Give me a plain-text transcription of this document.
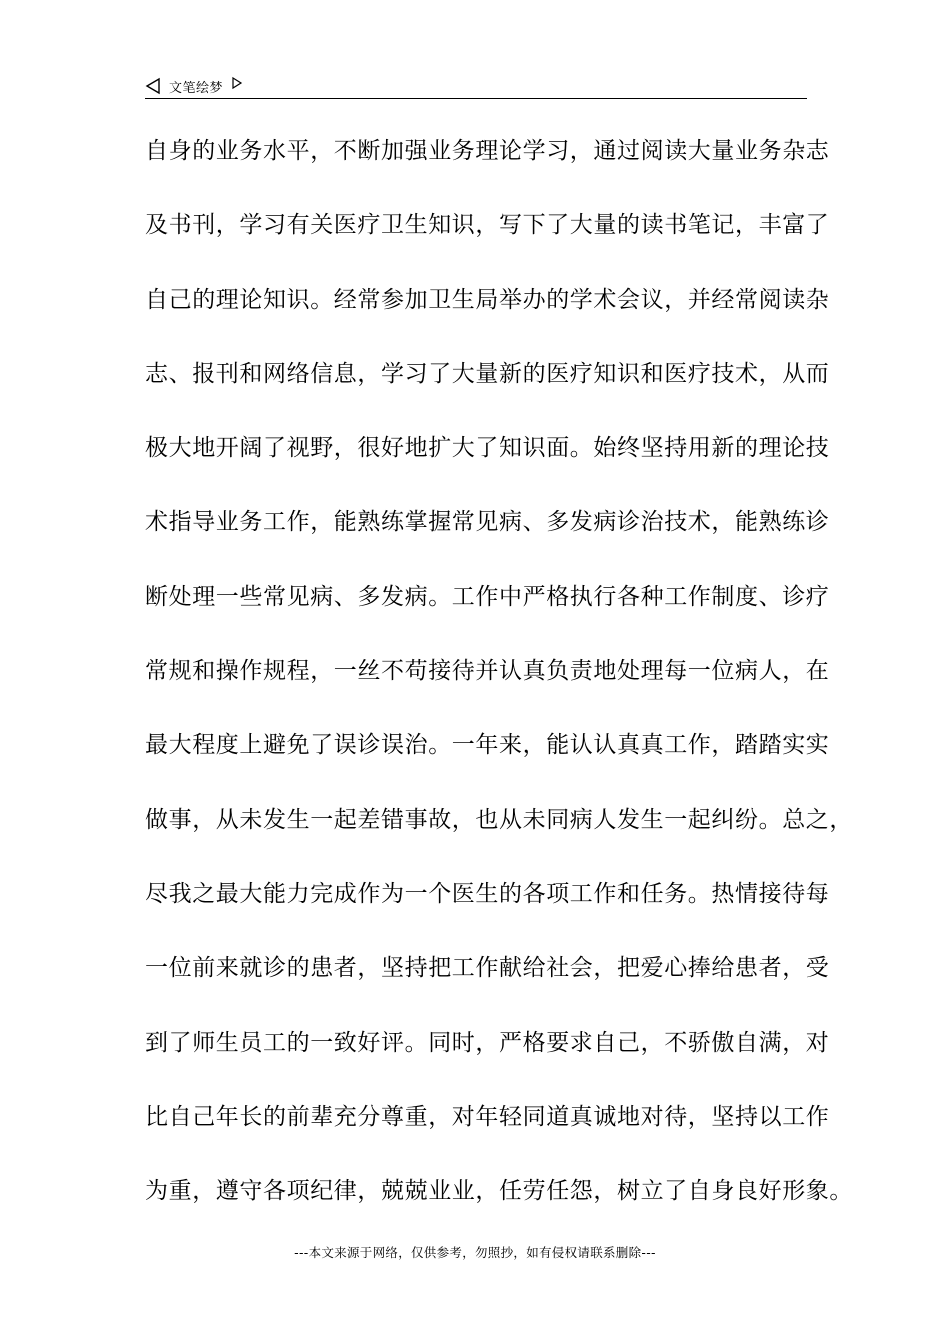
文笔绘梦
自身的业务水平，不断加强业务理论学习，通过阅读大量业务杂志
及书刊，学习有关医疗卫生知识，写下了大量的读书笔记，丰富了
自己的理论知识。经常参加卫生局举办的学术会议，并经常阅读杂
志、报刊和网络信息，学习了大量新的医疗知识和医疗技术，从而
极大地开阔了视野，很好地扩大了知识面。始终坚持用新的理论技
术指导业务工作，能熟练掌握常见病、多发病诊治技术，能熟练诊
断处理一些常见病、多发病。工作中严格执行各种工作制度、诊疗
常规和操作规程，一丝不苟接待并认真负责地处理每一位病人，在
最大程度上避免了误诊误治。一年来，能认认真真工作，踏踏实实
做事，从未发生一起差错事故，也从未同病人发生一起纠纷。总之，
尽我之最大能力完成作为一个医生的各项工作和任务。热情接待每
一位前来就诊的患者，坚持把工作献给社会，把爱心捧给患者，受
到了师生员工的一致好评。同时，严格要求自己，不骄傲自满，对
比自己年长的前辈充分尊重，对年轻同道真诚地对待，坚持以工作
为重，遵守各项纪律，兢兢业业，任劳任怨，树立了自身良好形象。
---本文来源于网络，仅供参考，勿照抄，如有侵权请联系删除---
